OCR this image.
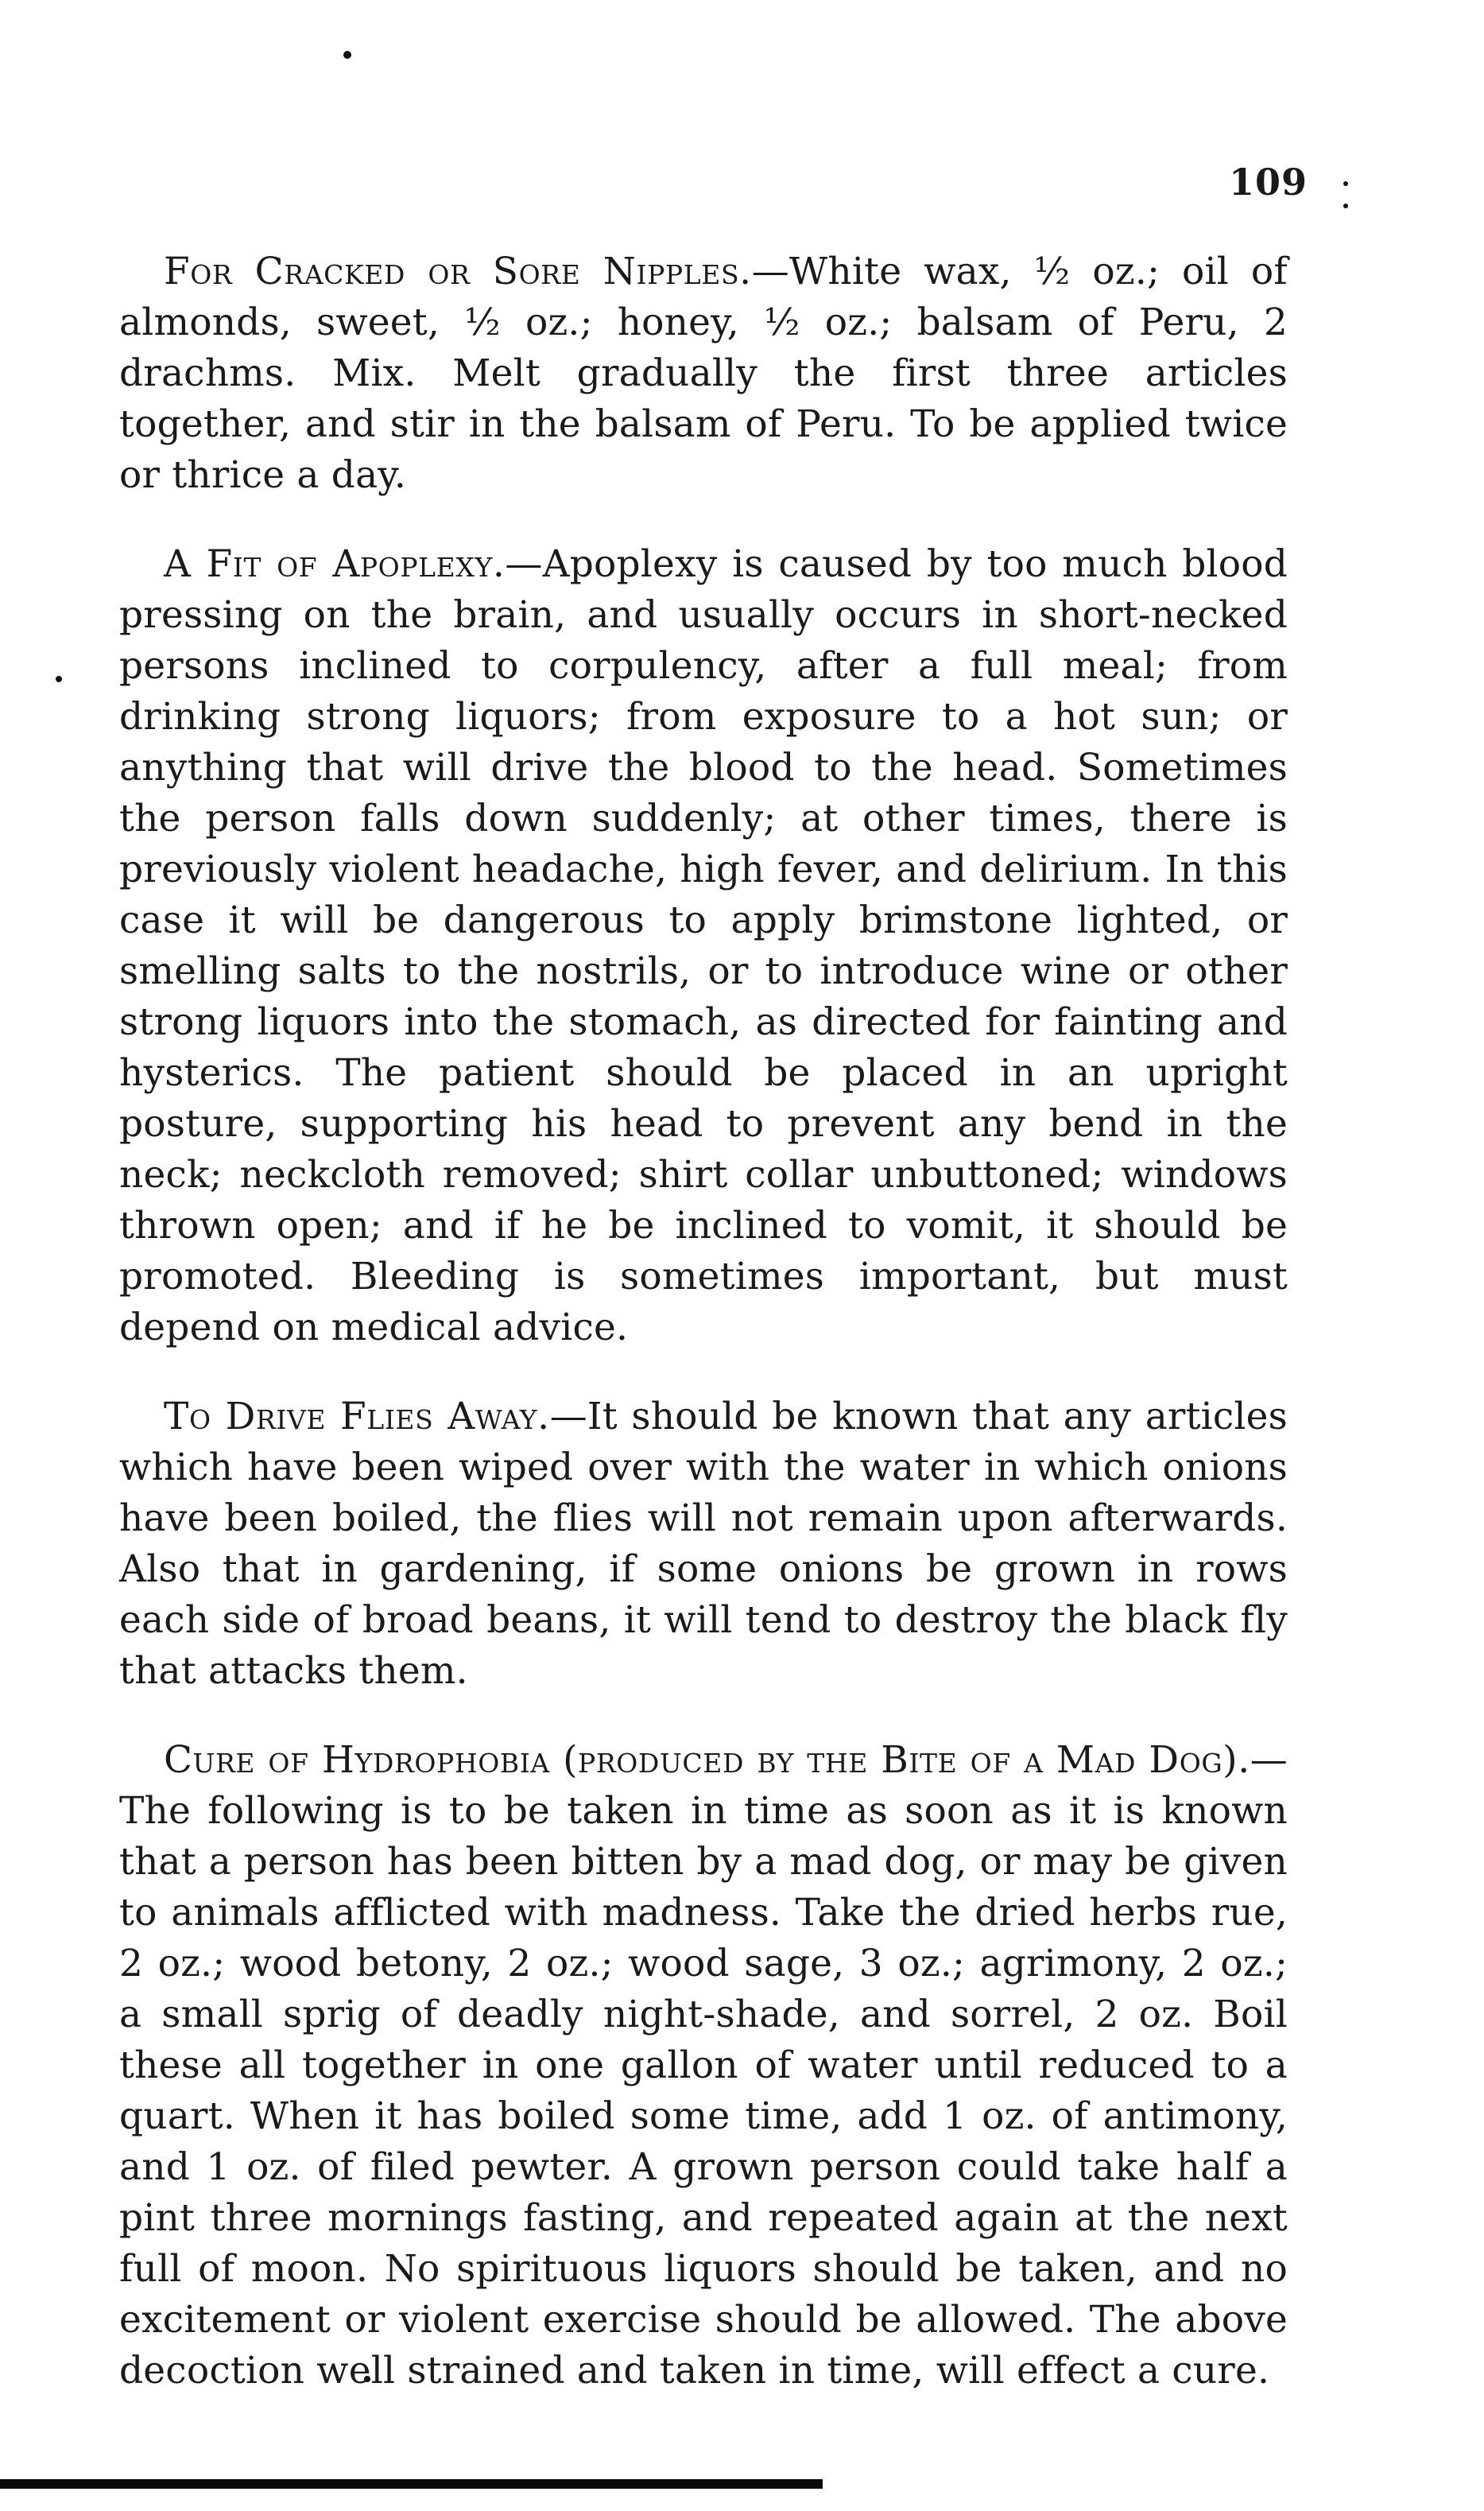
109

For Cracked or Sore Nipples.—White wax, ½ oz.; oil of almonds, sweet, ½ oz.; honey, ½ oz.; balsam of Peru, 2 drachms. Mix. Melt gradually the first three articles together, and stir in the balsam of Peru. To be applied twice or thrice a day.

A Fit of Apoplexy.—Apoplexy is caused by too much blood pressing on the brain, and usually occurs in short-necked persons inclined to corpulency, after a full meal; from drinking strong liquors; from exposure to a hot sun; or anything that will drive the blood to the head. Sometimes the person falls down suddenly; at other times, there is previously violent headache, high fever, and delirium. In this case it will be dangerous to apply brimstone lighted, or smelling salts to the nostrils, or to introduce wine or other strong liquors into the stomach, as directed for fainting and hysterics. The patient should be placed in an upright posture, supporting his head to prevent any bend in the neck; neckcloth removed; shirt collar unbuttoned; windows thrown open; and if he be inclined to vomit, it should be promoted. Bleeding is sometimes important, but must depend on medical advice.

To Drive Flies Away.—It should be known that any articles which have been wiped over with the water in which onions have been boiled, the flies will not remain upon afterwards. Also that in gardening, if some onions be grown in rows each side of broad beans, it will tend to destroy the black fly that attacks them.

Cure of Hydrophobia (produced by the Bite of a Mad Dog).—The following is to be taken in time as soon as it is known that a person has been bitten by a mad dog, or may be given to animals afflicted with madness. Take the dried herbs rue, 2 oz.; wood betony, 2 oz.; wood sage, 3 oz.; agrimony, 2 oz.; a small sprig of deadly night-shade, and sorrel, 2 oz. Boil these all together in one gallon of water until reduced to a quart. When it has boiled some time, add 1 oz. of antimony, and 1 oz. of filed pewter. A grown person could take half a pint three mornings fasting, and repeated again at the next full of moon. No spirituous liquors should be taken, and no excitement or violent exercise should be allowed. The above decoction well strained and taken in time, will effect a cure.
